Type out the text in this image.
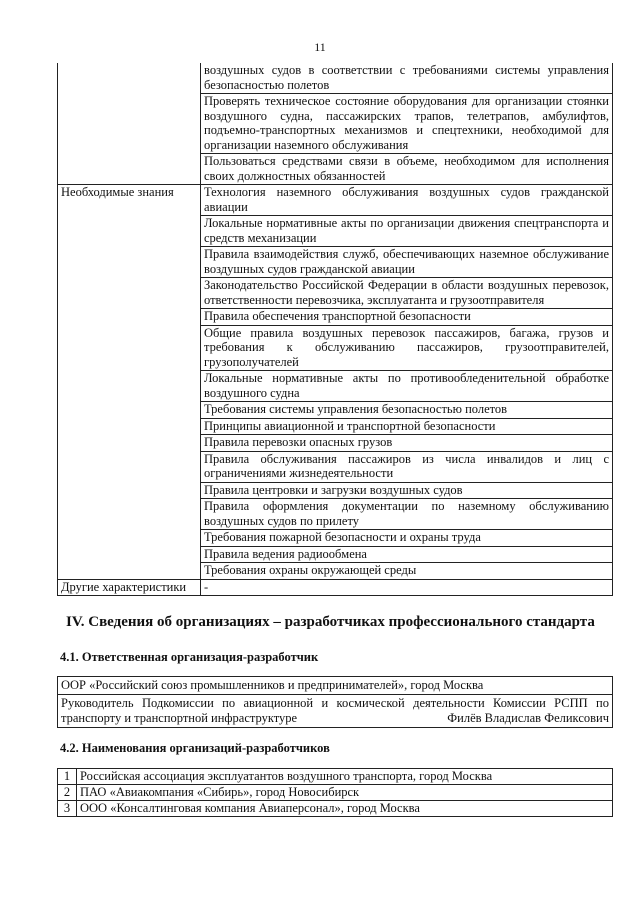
11
	воздушных судов в соответствии с требованиями системы управления безопасностью полетов
	Проверять техническое состояние оборудования для организации стоянки воздушного судна, пассажирских трапов, телетрапов, амбулифтов, подъемно-транспортных механизмов и спецтехники, необходимой для организации наземного обслуживания
	Пользоваться средствами связи в объеме, необходимом для исполнения своих должностных обязанностей
Необходимые знания	Технология наземного обслуживания воздушных судов гражданской авиации
	Локальные нормативные акты по организации движения спецтранспорта и средств механизации
	Правила взаимодействия служб, обеспечивающих наземное обслуживание воздушных судов гражданской авиации
	Законодательство Российской Федерации в области воздушных перевозок, ответственности перевозчика, эксплуатанта и грузоотправителя
	Правила обеспечения транспортной безопасности
	Общие правила воздушных перевозок пассажиров, багажа, грузов и требования к обслуживанию пассажиров, грузоотправителей, грузополучателей
	Локальные нормативные акты по противообледенительной обработке воздушного судна
	Требования системы управления безопасностью полетов
	Принципы авиационной и транспортной безопасности
	Правила перевозки опасных грузов
	Правила обслуживания пассажиров из числа инвалидов и лиц с ограничениями жизнедеятельности
	Правила центровки и загрузки воздушных судов
	Правила оформления документации по наземному обслуживанию воздушных судов по прилету
	Требования пожарной безопасности и охраны труда
	Правила ведения радиообмена
	Требования охраны окружающей среды
Другие характеристики	-
IV. Сведения об организациях – разработчиках профессионального стандарта
4.1. Ответственная организация-разработчик
ООР «Российский союз промышленников и предпринимателей», город Москва

Руководитель Подкомиссии по авиационной и космической деятельности Комиссии РСПП по
транспорту и транспортной инфраструктуре	Филёв Владислав Феликсович
4.2. Наименования организаций-разработчиков
1	Российская ассоциация эксплуатантов воздушного транспорта, город Москва
2	ПАО «Авиакомпания «Сибирь», город Новосибирск
3	ООО «Консалтинговая компания Авиаперсонал», город Москва
